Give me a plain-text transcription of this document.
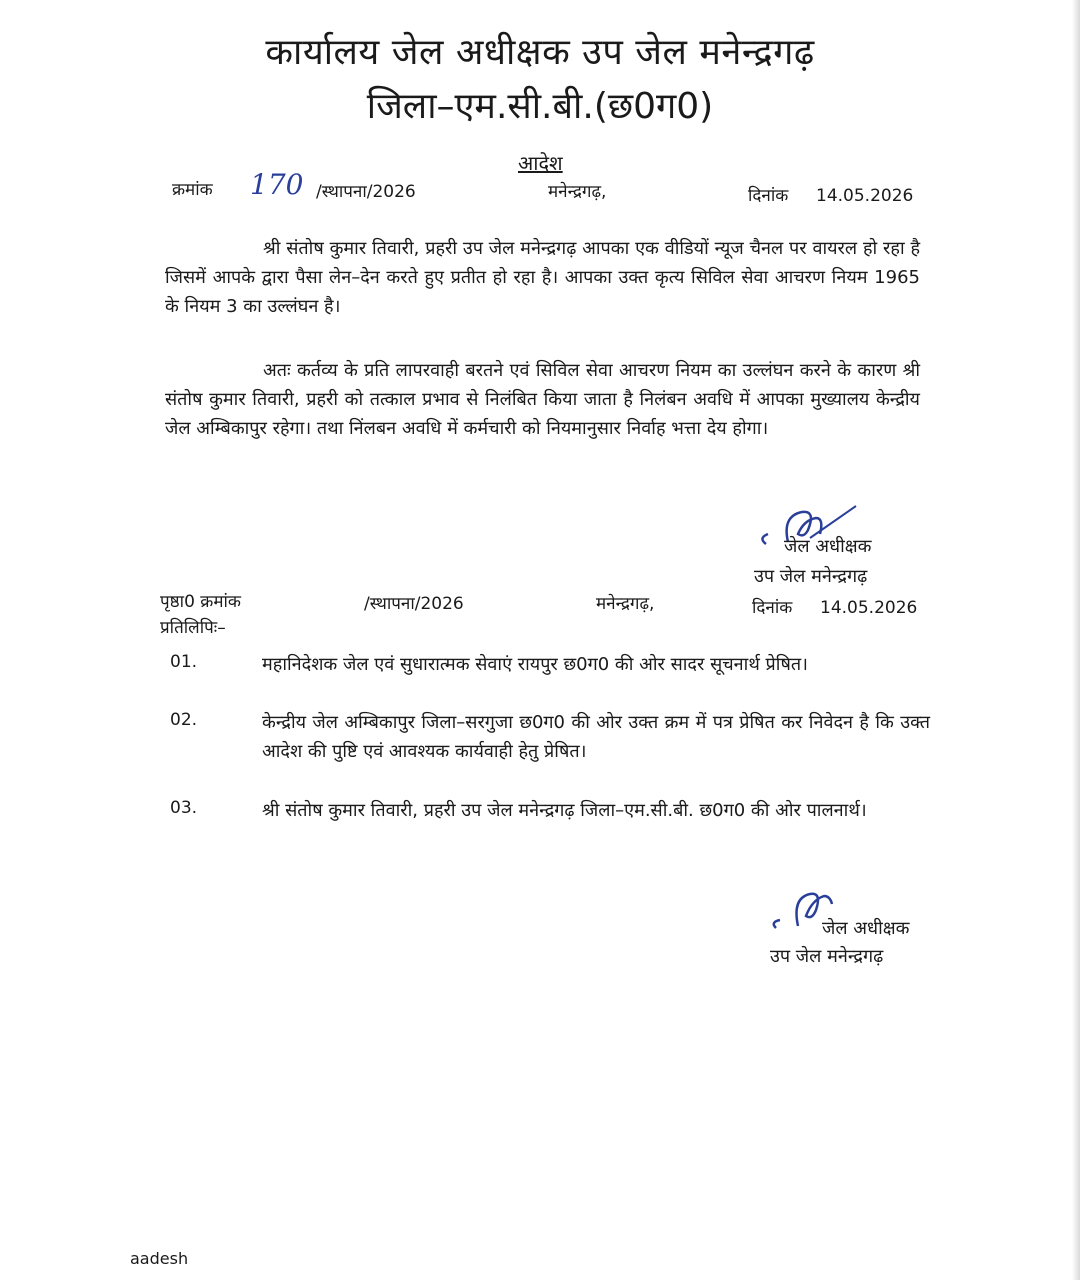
कार्यालय जेल अधीक्षक उप जेल मनेन्द्रगढ़
जिला–एम.सी.बी.(छ0ग0)
आदेश
क्रमांक 170 /स्थापना/2026	मनेन्द्रगढ़,	दिनांक 14.05.2026
श्री संतोष कुमार तिवारी, प्रहरी उप जेल मनेन्द्रगढ़ आपका एक वीडियों न्यूज चैनल पर वायरल हो रहा है जिसमें आपके द्वारा पैसा लेन–देन करते हुए प्रतीत हो रहा है। आपका उक्त कृत्य सिविल सेवा आचरण नियम 1965 के नियम 3 का उल्लंघन है।
अतः कर्तव्य के प्रति लापरवाही बरतने एवं सिविल सेवा आचरण नियम का उल्लंघन करने के कारण श्री संतोष कुमार तिवारी, प्रहरी को तत्काल प्रभाव से निलंबित किया जाता है निलंबन अवधि में आपका मुख्यालय केन्द्रीय जेल अम्बिकापुर रहेगा। तथा निंलबन अवधि में कर्मचारी को नियमानुसार निर्वाह भत्ता देय होगा।
जेल अधीक्षक
उप जेल मनेन्द्रगढ़
पृष्ठा0 क्रमांक	/स्थापना/2026	मनेन्द्रगढ़,	दिनांक 14.05.2026
प्रतिलिपिः–
01.	महानिदेशक जेल एवं सुधारात्मक सेवाएं रायपुर छ0ग0 की ओर सादर सूचनार्थ प्रेषित।
02.	केन्द्रीय जेल अम्बिकापुर जिला–सरगुजा छ0ग0 की ओर उक्त क्रम में पत्र प्रेषित कर निवेदन है कि उक्त आदेश की पुष्टि एवं आवश्यक कार्यवाही हेतु प्रेषित।
03.	श्री संतोष कुमार तिवारी, प्रहरी उप जेल मनेन्द्रगढ़ जिला–एम.सी.बी. छ0ग0 की ओर पालनार्थ।
जेल अधीक्षक
उप जेल मनेन्द्रगढ़
aadesh
